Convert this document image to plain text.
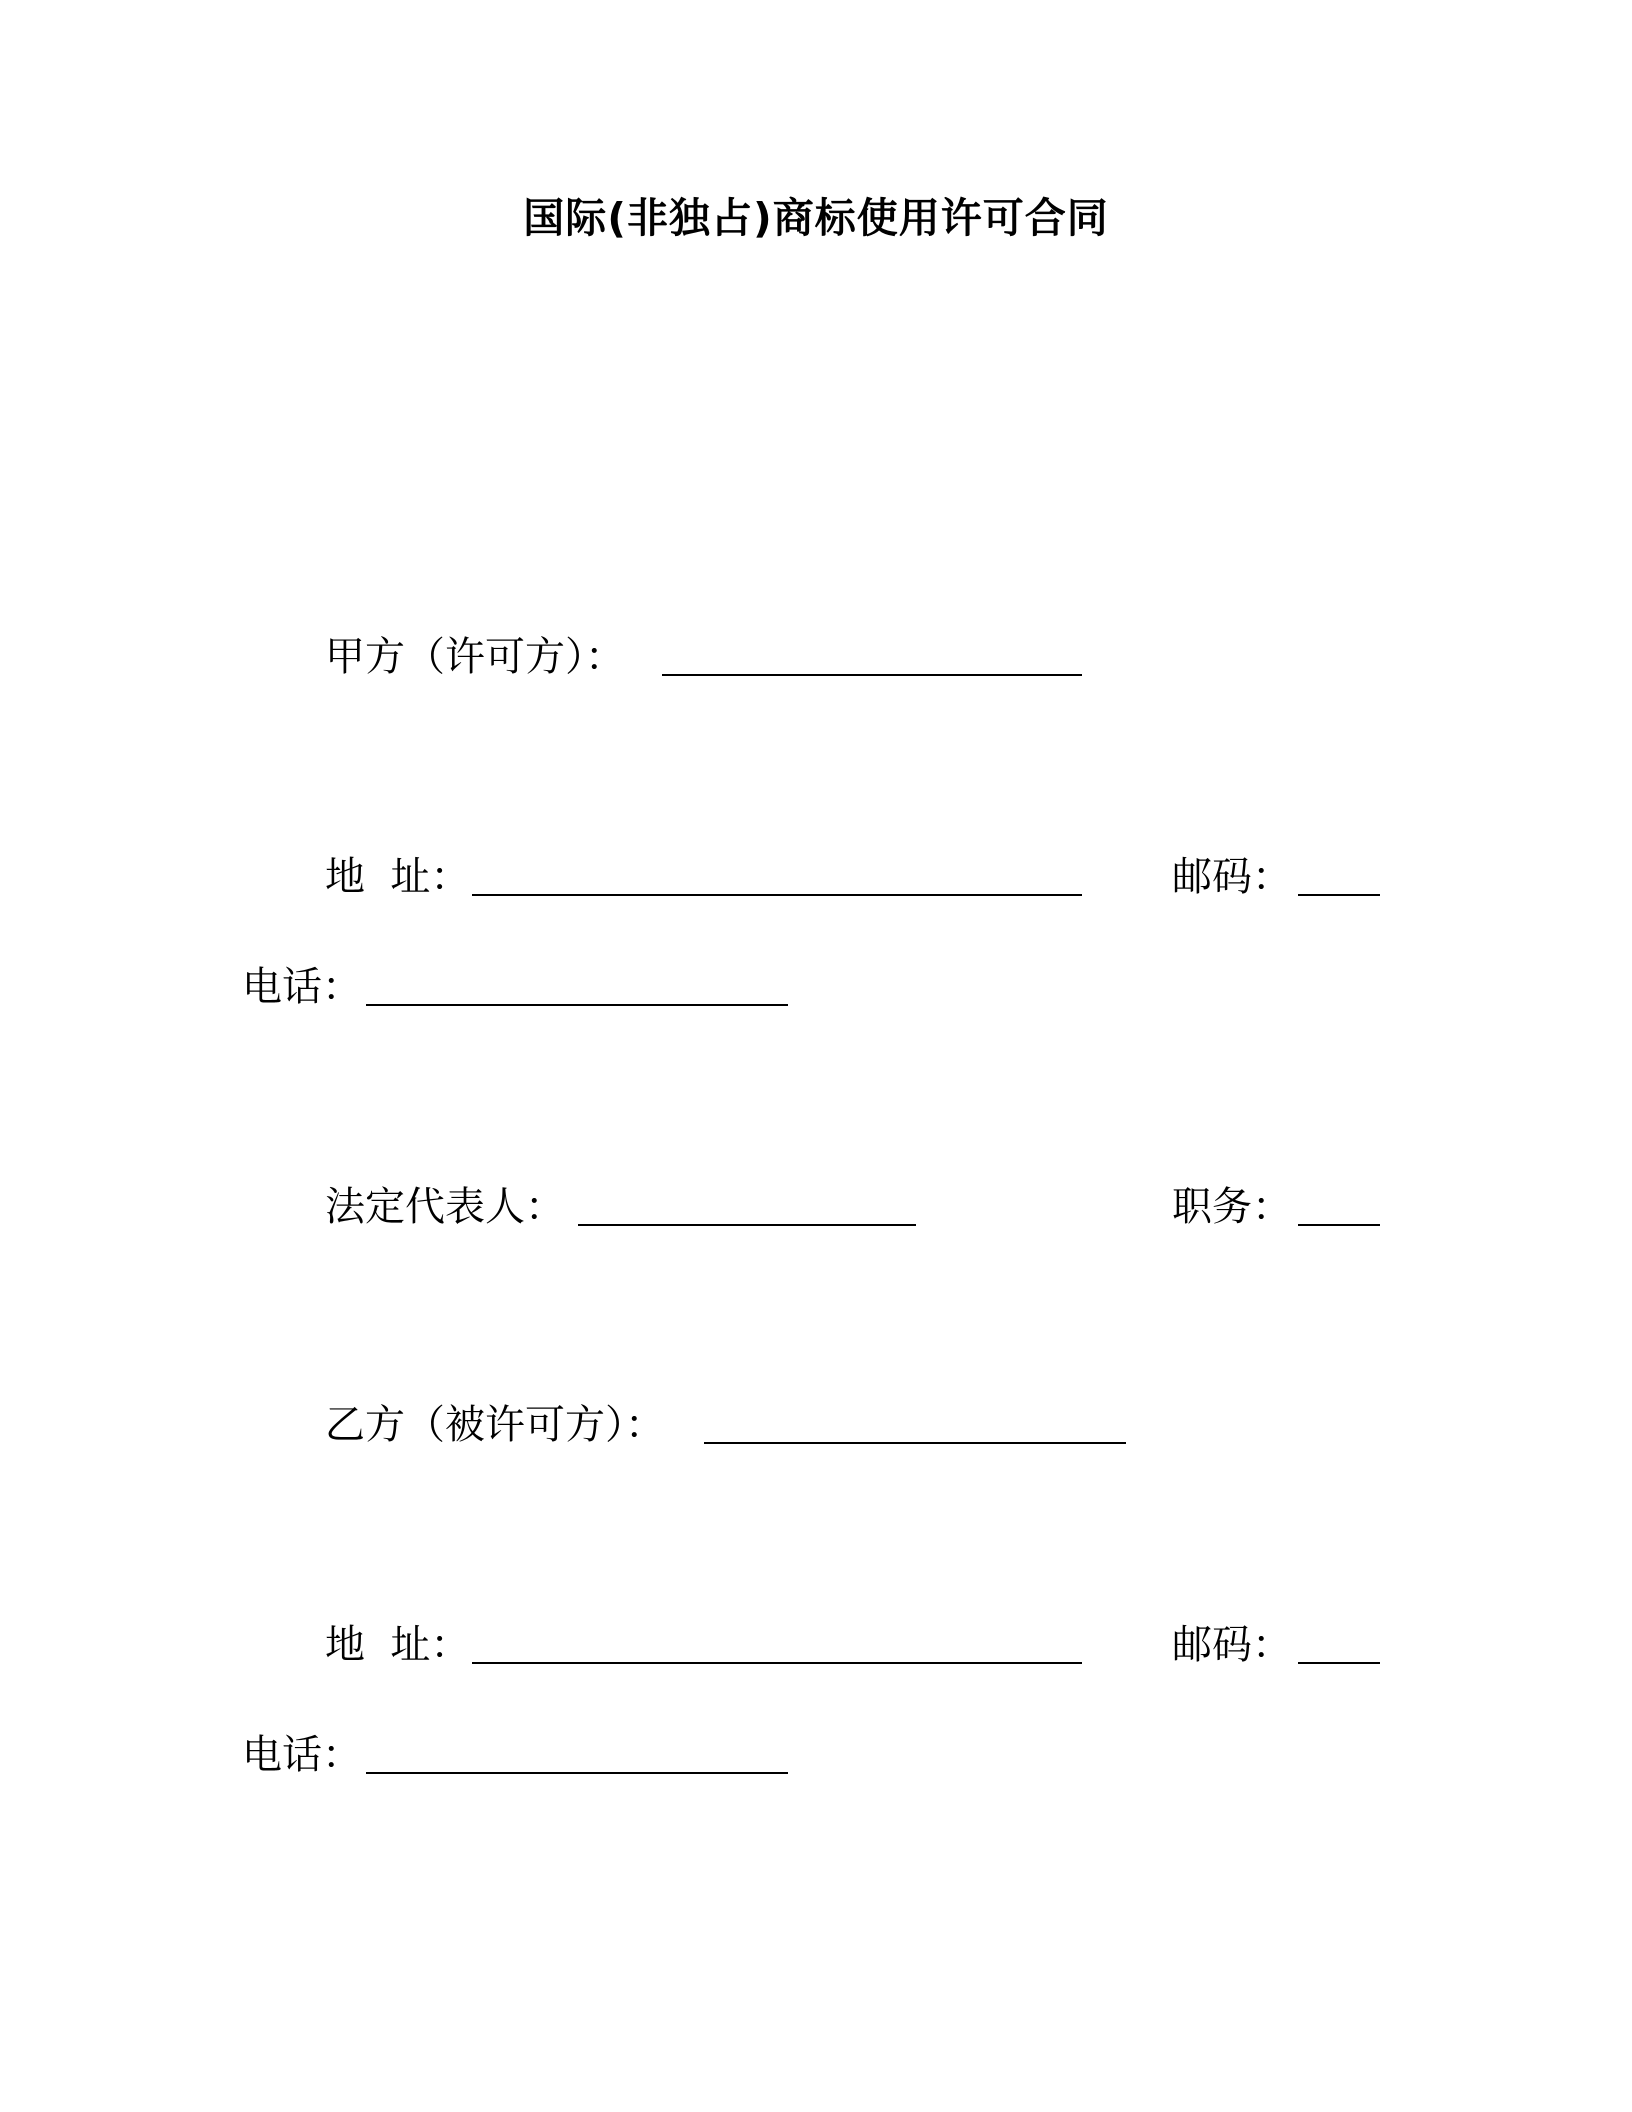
国际(非独占)商标使用许可合同
甲方（许可方）：
地  址：	邮码：
电话：
法定代表人：	职务：
乙方（被许可方）：
地  址：	邮码：
电话：
